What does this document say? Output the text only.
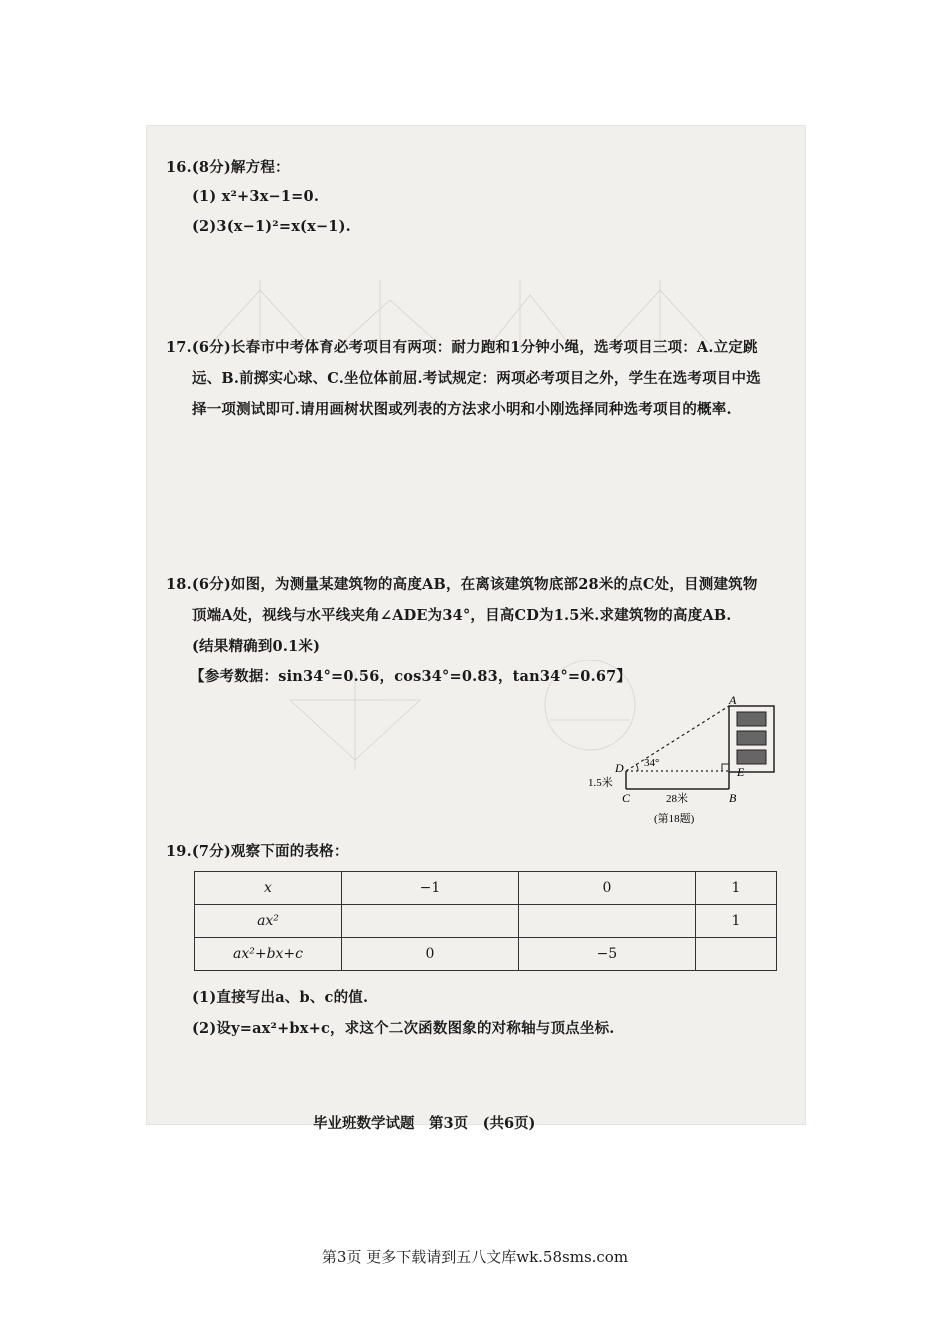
16.(8分)解方程：
(1) x²+3x−1=0.
(2)3(x−1)²=x(x−1).
17.(6分)长春市中考体育必考项目有两项：耐力跑和1分钟小绳，选考项目三项：A.立定跳
远、B.前掷实心球、C.坐位体前屈.考试规定：两项必考项目之外，学生在选考项目中选
择一项测试即可.请用画树状图或列表的方法求小明和小刚选择同种选考项目的概率.
18.(6分)如图，为测量某建筑物的高度AB，在离该建筑物底部28米的点C处，目测建筑物
顶端A处，视线与水平线夹角∠ADE为34°，目高CD为1.5米.求建筑物的高度AB.
(结果精确到0.1米)
【参考数据：sin34°=0.56，cos34°=0.83，tan34°=0.67】
A
B
C
D	E
34°
1.5米
28米
(第18题)
19.(7分)观察下面的表格：
x	−1	0	1
ax²			1
ax²+bx+c	0	−5	
(1)直接写出a、b、c的值.
(2)设y=ax²+bx+c，求这个二次函数图象的对称轴与顶点坐标.
毕业班数学试题　第3页　(共6页)
第3页 更多下载请到五八文库wk.58sms.com
